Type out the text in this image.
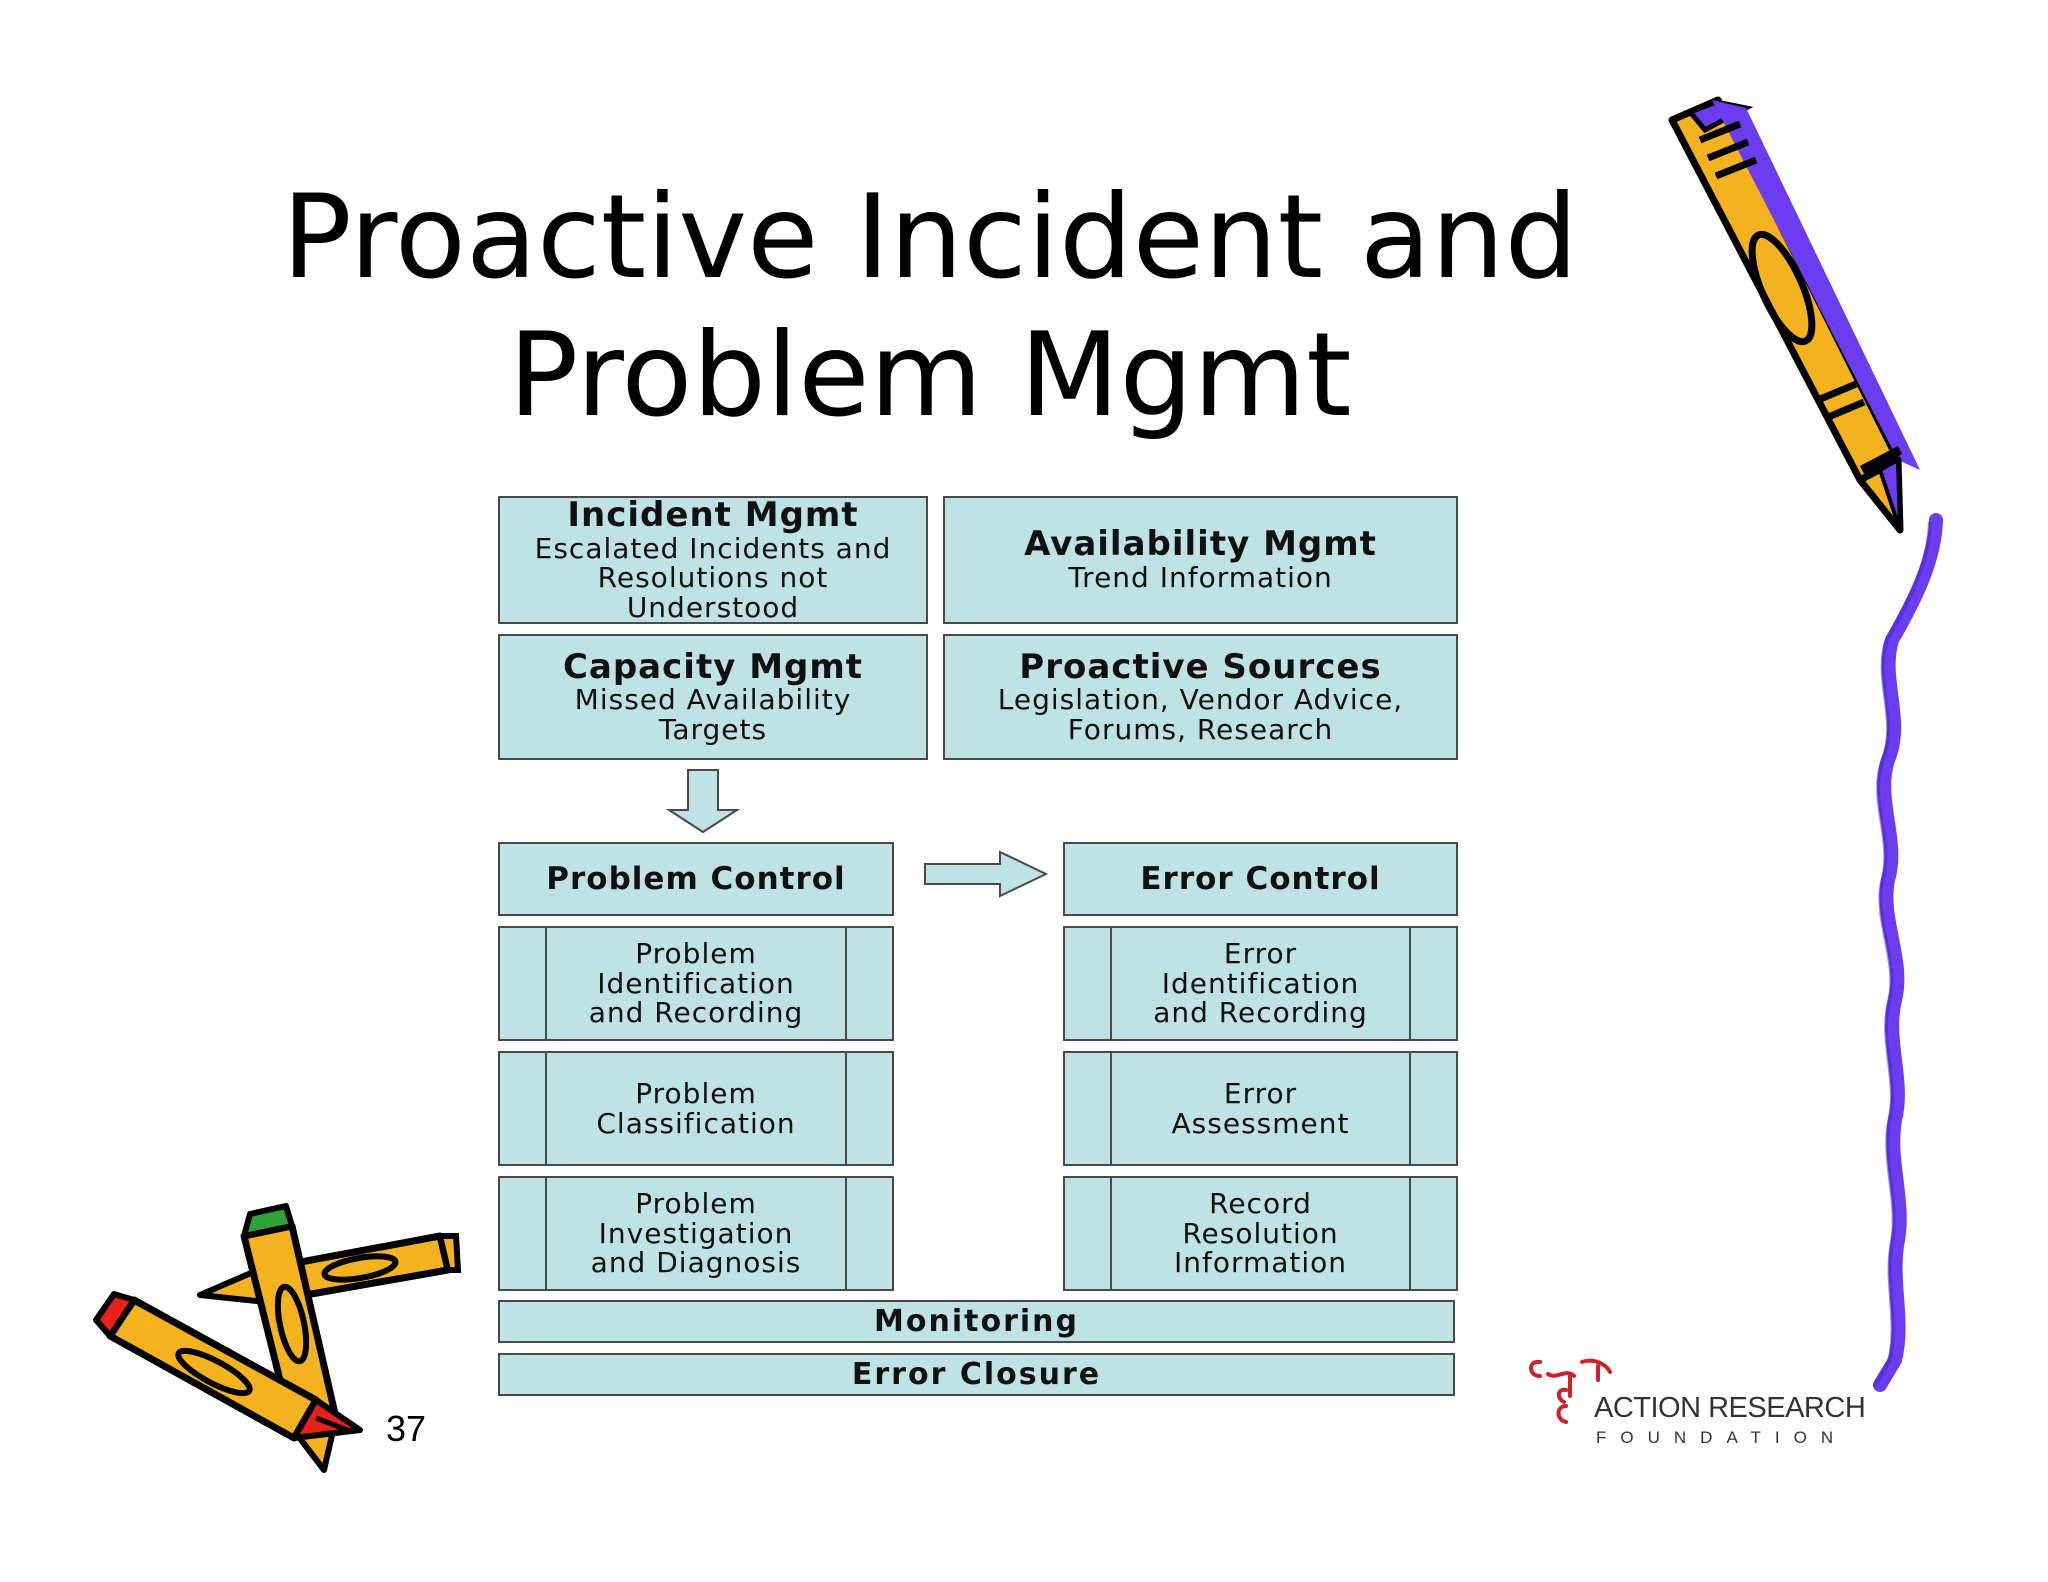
Proactive Incident and
Problem Mgmt
Incident Mgmt
Escalated Incidents and Resolutions not Understood
Availability Mgmt
Trend Information
Capacity Mgmt
Missed Availability Targets
Proactive Sources
Legislation, Vendor Advice, Forums, Research
Problem Control
Problem
Identification
and Recording
Problem
Classification
Problem
Investigation
and Diagnosis
Error Control
Error
Identification
and Recording
Error
Assessment
Record
Resolution
Information
Monitoring
Error Closure
37	ACTION RESEARCH
FOUNDATION
